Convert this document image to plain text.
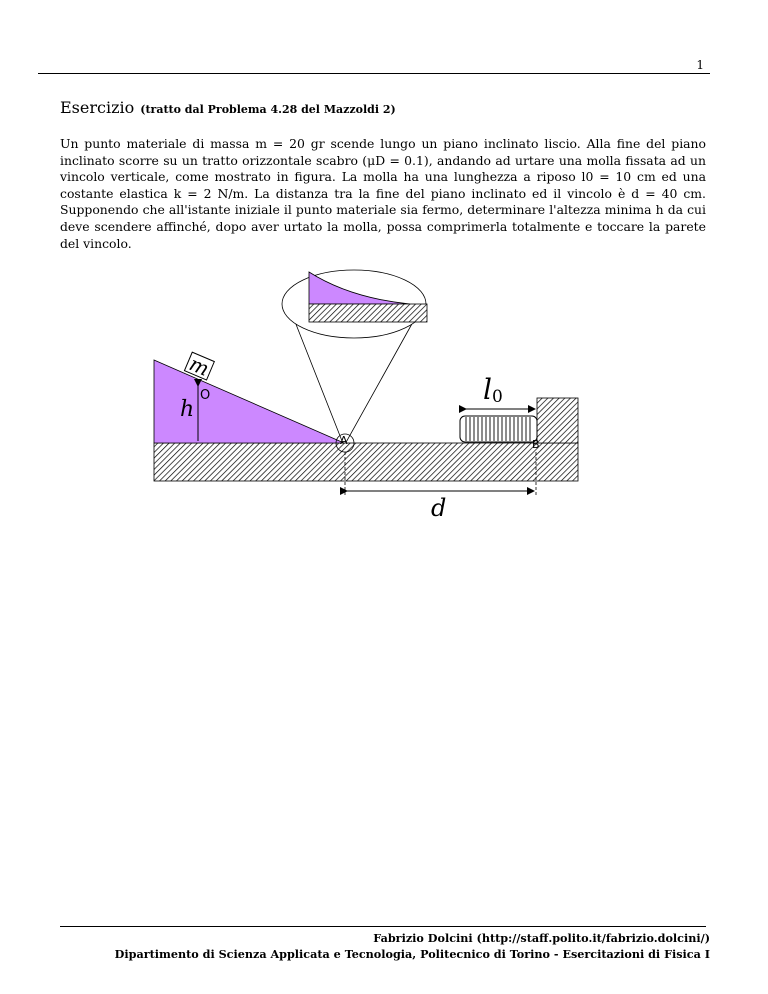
1
Esercizio (tratto dal Problema 4.28 del Mazzoldi 2)

Un punto materiale di massa m = 20 gr scende lungo un piano inclinato liscio. Alla fine del piano inclinato scorre su un tratto orizzontale scabro (μD = 0.1), andando ad urtare una molla fissata ad un vincolo verticale, come mostrato in figura. La molla ha una lunghezza a riposo l0 = 10 cm ed una costante elastica k = 2 N/m. La distanza tra la fine del piano inclinato ed il vincolo è d = 40 cm. Supponendo che all'istante iniziale il punto materiale sia fermo, determinare l'altezza minima h da cui deve scendere affinché, dopo aver urtato la molla, possa comprimerla totalmente e toccare la parete del vincolo.

m
h
O
A
l0
B
d
Fabrizio Dolcini (http://staff.polito.it/fabrizio.dolcini/)
Dipartimento di Scienza Applicata e Tecnologia, Politecnico di Torino - Esercitazioni di Fisica I
